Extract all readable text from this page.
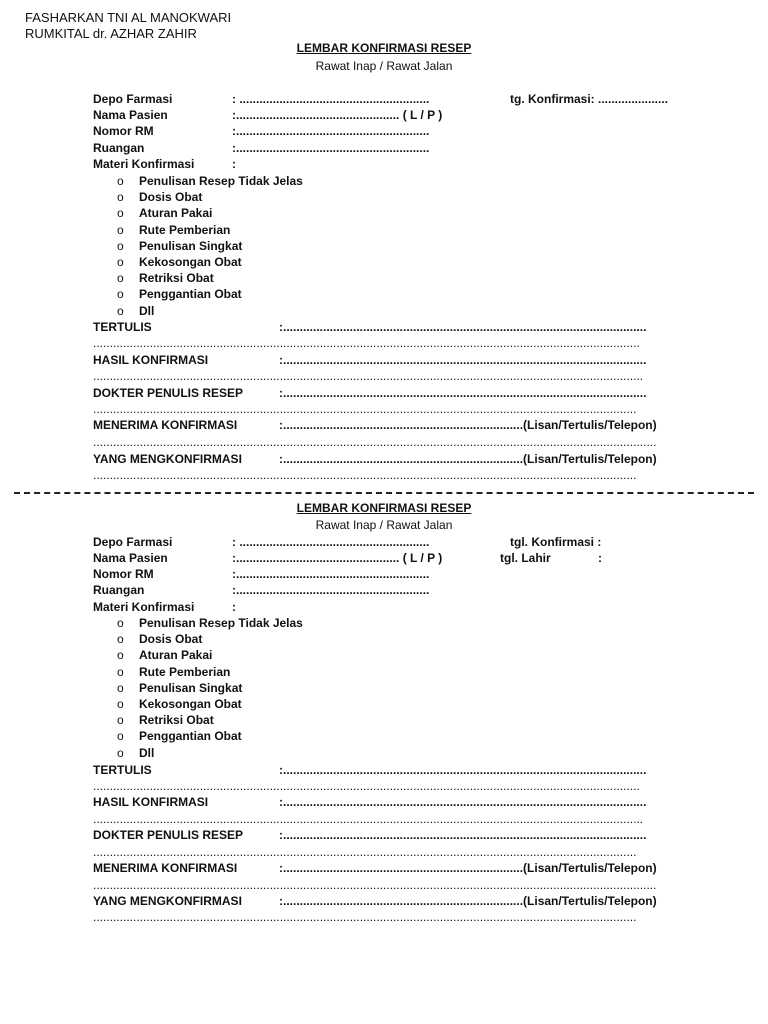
FASHARKAN TNI AL MANOKWARI
RUMKITAL dr. AZHAR ZAHIR
LEMBAR KONFIRMASI RESEP
Rawat Inap / Rawat Jalan
Depo Farmasi	: .........................................................	tg. Konfirmasi: .....................
Nama Pasien	:................................................. ( L / P )
Nomor RM	:..........................................................
Ruangan	:..........................................................
Materi Konfirmasi	:
o Penulisan Resep Tidak Jelas
o Dosis Obat
o Aturan Pakai
o Rute Pemberian
o Penulisan Singkat
o Kekosongan Obat
o Retriksi Obat
o Penggantian Obat
o Dll
TERTULIS	:.............................................................................................................
....................................................................................................................................................................
HASIL KONFIRMASI	:.............................................................................................................
.....................................................................................................................................................................
DOKTER PENULIS RESEP	:.............................................................................................................
...................................................................................................................................................................
MENERIMA KONFIRMASI	:........................................................................(Lisan/Tertulis/Telepon)
.........................................................................................................................................................................
YANG MENGKONFIRMASI	:........................................................................(Lisan/Tertulis/Telepon)
...................................................................................................................................................................
LEMBAR KONFIRMASI RESEP
Rawat Inap / Rawat Jalan
Depo Farmasi	: .........................................................	tgl. Konfirmasi :
Nama Pasien	:................................................. ( L / P )	tgl. Lahir	:
Nomor RM	:..........................................................
Ruangan	:..........................................................
Materi Konfirmasi	:
o Penulisan Resep Tidak Jelas
o Dosis Obat
o Aturan Pakai
o Rute Pemberian
o Penulisan Singkat
o Kekosongan Obat
o Retriksi Obat
o Penggantian Obat
o Dll
TERTULIS	:.............................................................................................................
....................................................................................................................................................................
HASIL KONFIRMASI	:.............................................................................................................
.....................................................................................................................................................................
DOKTER PENULIS RESEP	:.............................................................................................................
...................................................................................................................................................................
MENERIMA KONFIRMASI	:........................................................................(Lisan/Tertulis/Telepon)
.........................................................................................................................................................................
YANG MENGKONFIRMASI	:........................................................................(Lisan/Tertulis/Telepon)
...................................................................................................................................................................
